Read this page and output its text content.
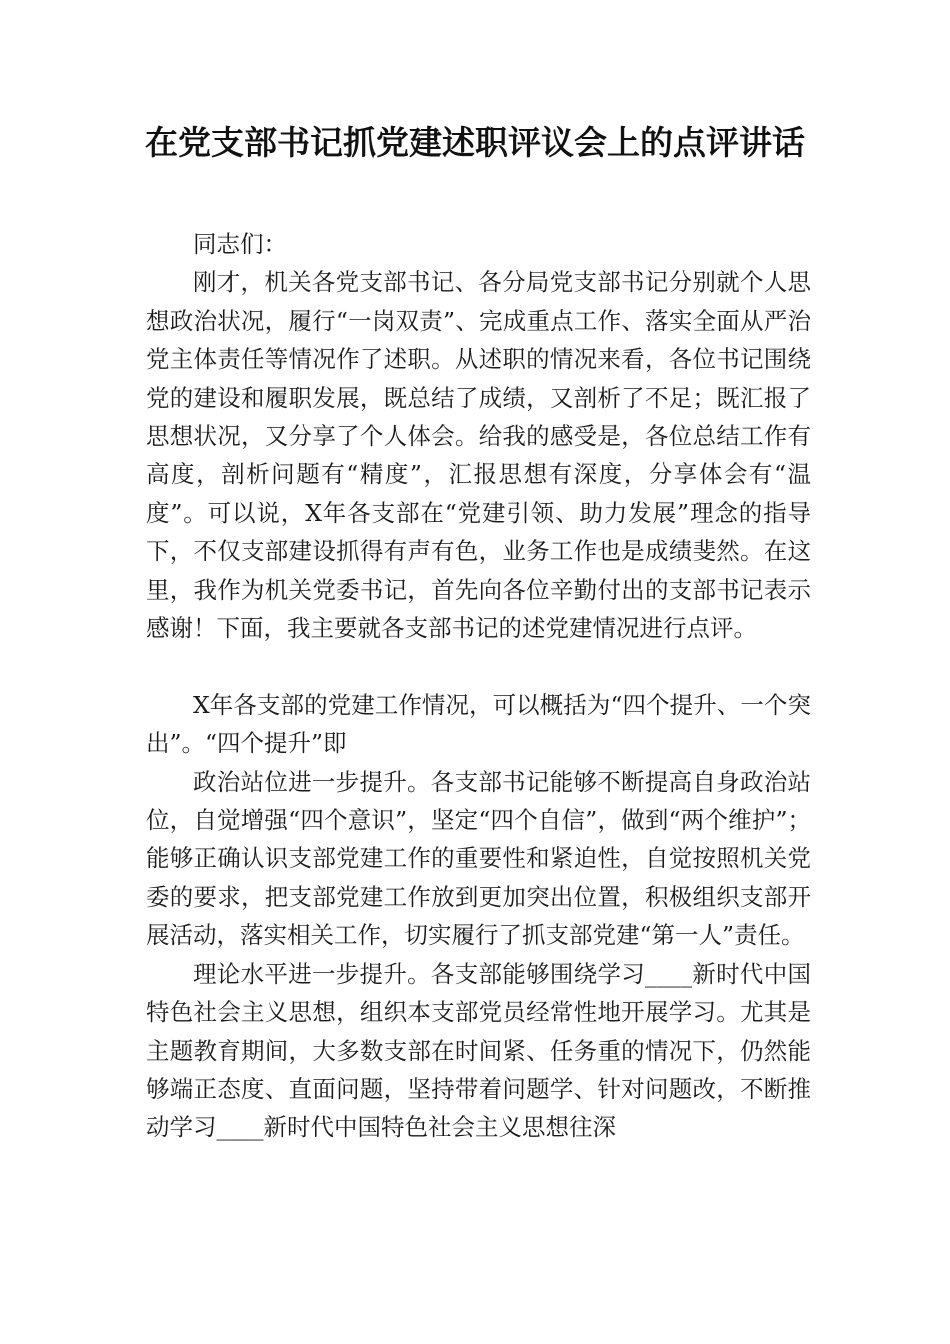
在党支部书记抓党建述职评议会上的点评讲话

同志们：

刚才，机关各党支部书记、各分局党支部书记分别就个人思想政治状况，履行“一岗双责”、完成重点工作、落实全面从严治党主体责任等情况作了述职。从述职的情况来看，各位书记围绕党的建设和履职发展，既总结了成绩，又剖析了不足；既汇报了思想状况，又分享了个人体会。给我的感受是，各位总结工作有高度，剖析问题有“精度”，汇报思想有深度，分享体会有“温度”。可以说，X年各支部在“党建引领、助力发展”理念的指导下，不仅支部建设抓得有声有色，业务工作也是成绩斐然。在这里，我作为机关党委书记，首先向各位辛勤付出的支部书记表示感谢！下面，我主要就各支部书记的述党建情况进行点评。

X年各支部的党建工作情况，可以概括为“四个提升、一个突出”。“四个提升”即

政治站位进一步提升。各支部书记能够不断提高自身政治站位，自觉增强“四个意识”，坚定“四个自信”，做到“两个维护”；能够正确认识支部党建工作的重要性和紧迫性，自觉按照机关党委的要求，把支部党建工作放到更加突出位置，积极组织支部开展活动，落实相关工作，切实履行了抓支部党建“第一人”责任。

理论水平进一步提升。各支部能够围绕学习____新时代中国特色社会主义思想，组织本支部党员经常性地开展学习。尤其是主题教育期间，大多数支部在时间紧、任务重的情况下，仍然能够端正态度、直面问题，坚持带着问题学、针对问题改，不断推动学习____新时代中国特色社会主义思想往深
